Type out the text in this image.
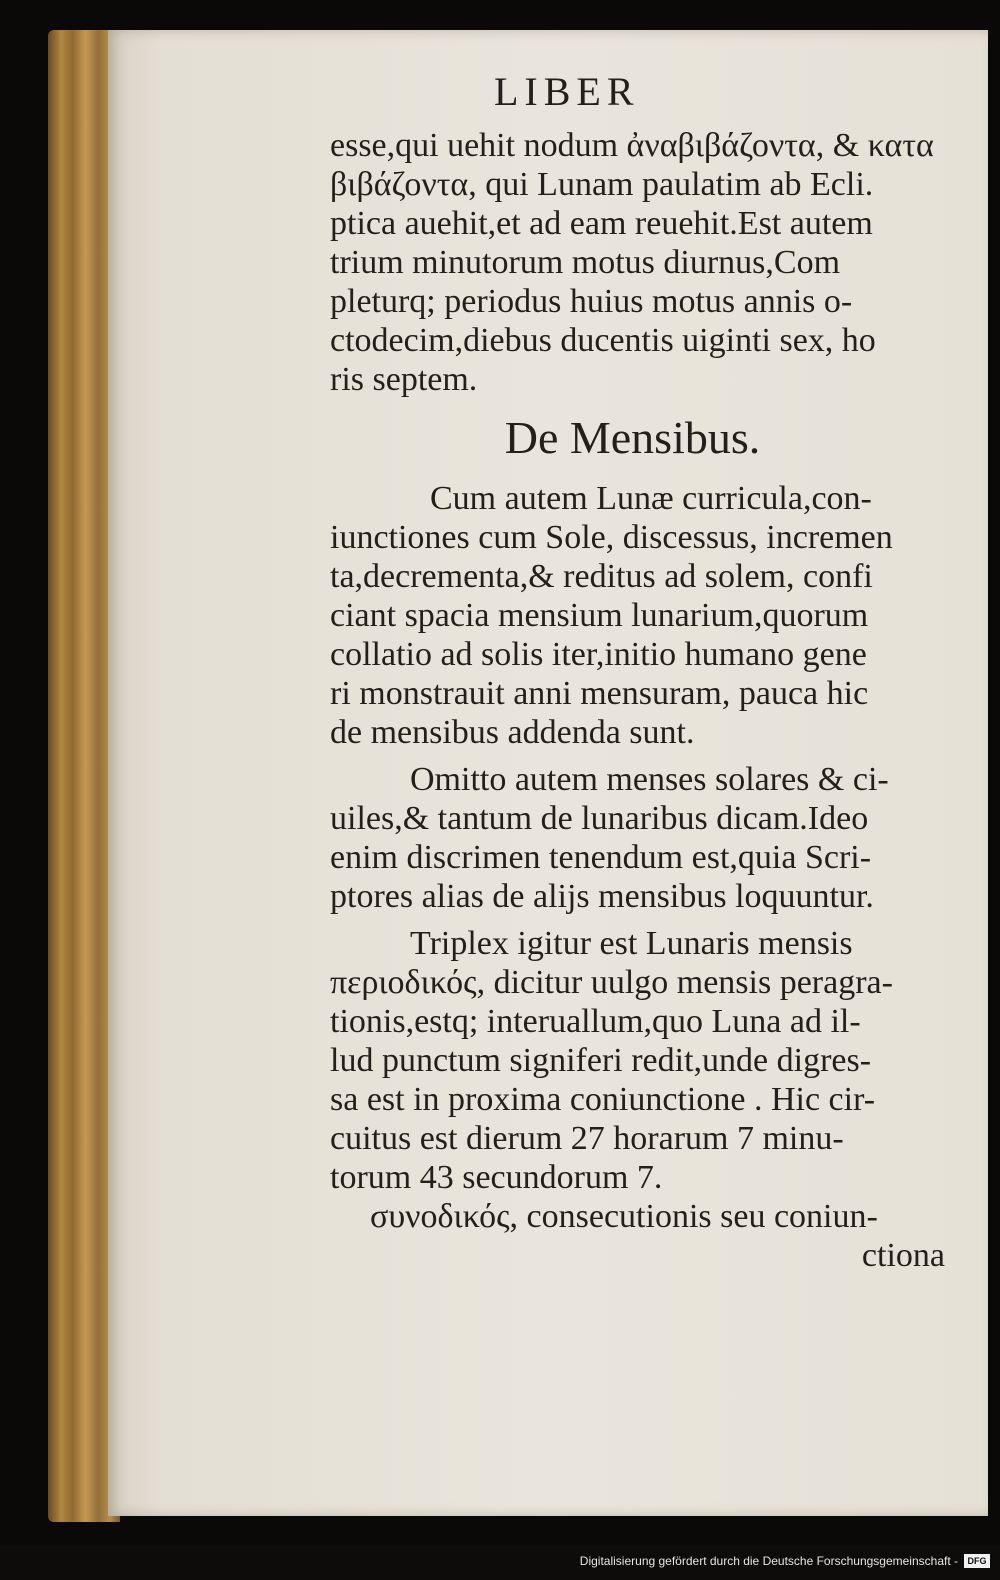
LIBER
esse,qui uehit nodum ἀναβιβάζοντα, & κατα
βιβάζοντα, qui Lunam paulatim ab Ecli.
ptica auehit,et ad eam reuehit.Est autem
trium minutorum motus diurnus,Com
pleturq; periodus huius motus annis o-
ctodecim,diebus ducentis uiginti sex, ho
ris septem.
De Mensibus.
Cum autem Lunæ curricula,con-
iunctiones cum Sole, discessus, incremen
ta,decrementa,& reditus ad solem, confi
ciant spacia mensium lunarium,quorum
collatio ad solis iter,initio humano gene
ri monstrauit anni mensuram, pauca hic
de mensibus addenda sunt.
Omitto autem menses solares & ci-
uiles,& tantum de lunaribus dicam.Ideo
enim discrimen tenendum est,quia Scri-
ptores alias de alijs mensibus loquuntur.
Triplex igitur est Lunaris mensis
περιοδικός, dicitur uulgo mensis peragra-
tionis,estq; interuallum,quo Luna ad il-
lud punctum signiferi redit,unde digres-
sa est in proxima coniunctione . Hic cir-
cuitus est dierum 27 horarum 7 minu-
torum 43 secundorum 7.
συνοδικός, consecutionis seu coniun-
ctiona
Digitalisierung gefördert durch die Deutsche Forschungsgemeinschaft -	DFG
